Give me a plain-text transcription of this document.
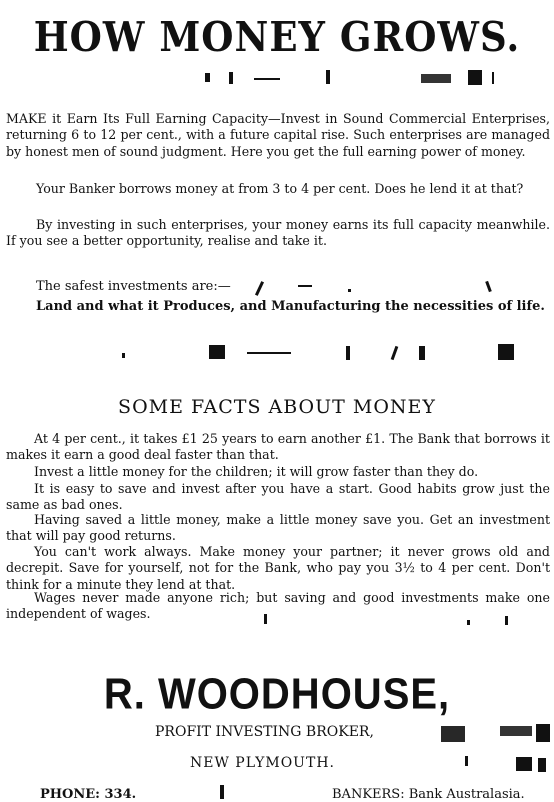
HOW MONEY GROWS.
MAKE it Earn Its Full Earning Capacity—Invest in Sound Commercial Enterprises, returning 6 to 12 per cent., with a future capital rise. Such enterprises are managed by honest men of sound judgment. Here you get the full earning power of money.
Your Banker borrows money at from 3 to 4 per cent. Does he lend it at that?
By investing in such enterprises, your money earns its full capacity meanwhile. If you see a better opportunity, realise and take it.
The safest investments are:—
Land and what it Produces, and Manufacturing the necessities of life.
SOME FACTS ABOUT MONEY
At 4 per cent., it takes £1 25 years to earn another £1. The Bank that borrows it makes it earn a good deal faster than that.
Invest a little money for the children; it will grow faster than they do.
It is easy to save and invest after you have a start. Good habits grow just the same as bad ones.
Having saved a little money, make a little money save you. Get an investment that will pay good returns.
You can't work always. Make money your partner; it never grows old and decrepit. Save for yourself, not for the Bank, who pay you 3½ to 4 per cent. Don't think for a minute they lend at that.
Wages never made anyone rich; but saving and good investments make one independent of wages.
R. WOODHOUSE,
PROFIT INVESTING BROKER,
NEW PLYMOUTH.
PHONE: 334.	BANKERS: Bank Australasia.
